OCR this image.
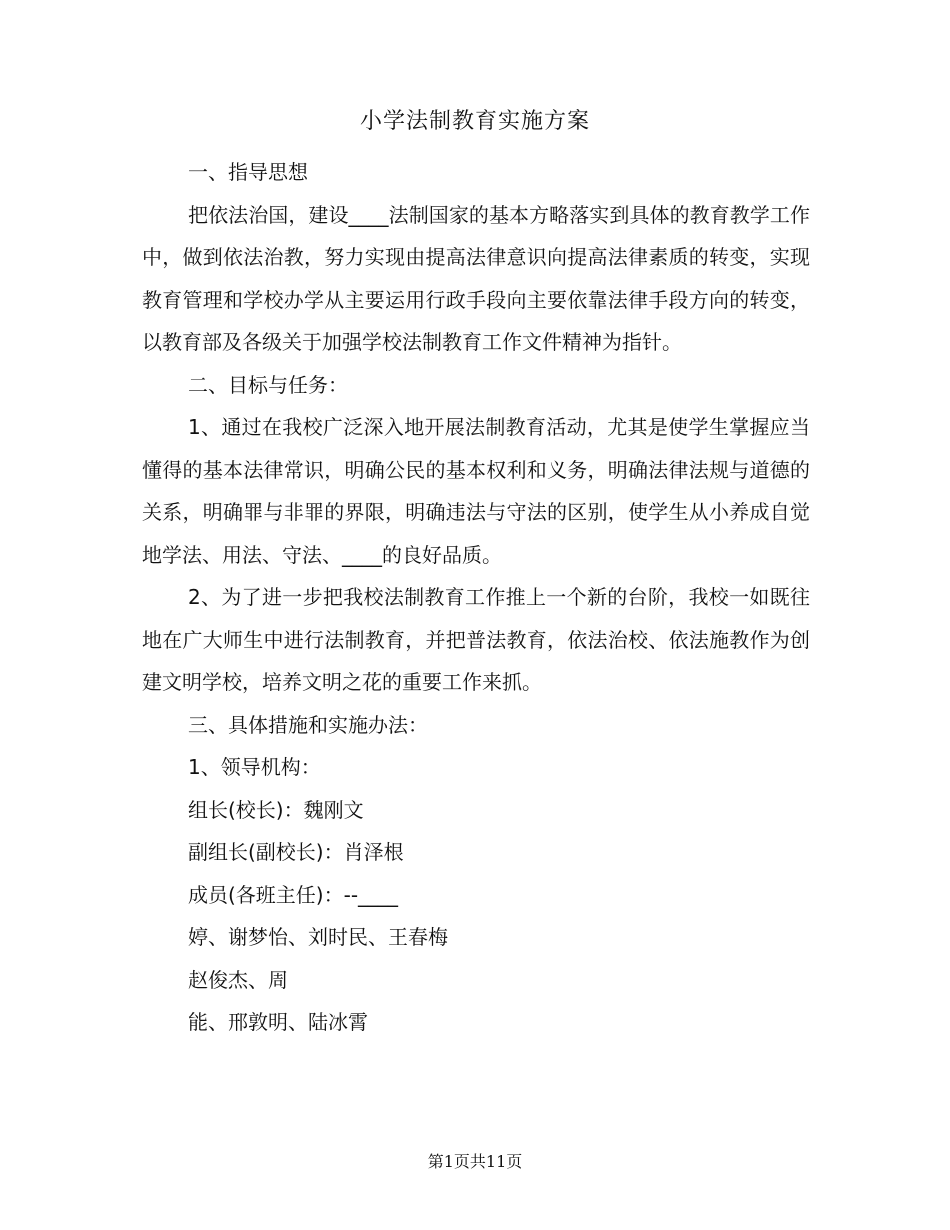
小学法制教育实施方案

一、指导思想

把依法治国，建设____法制国家的基本方略落实到具体的教育教学工作中，做到依法治教，努力实现由提高法律意识向提高法律素质的转变，实现教育管理和学校办学从主要运用行政手段向主要依靠法律手段方向的转变，以教育部及各级关于加强学校法制教育工作文件精神为指针。

二、目标与任务：

1、通过在我校广泛深入地开展法制教育活动，尤其是使学生掌握应当懂得的基本法律常识，明确公民的基本权利和义务，明确法律法规与道德的关系，明确罪与非罪的界限，明确违法与守法的区别，使学生从小养成自觉地学法、用法、守法、____的良好品质。

2、为了进一步把我校法制教育工作推上一个新的台阶，我校一如既往地在广大师生中进行法制教育，并把普法教育，依法治校、依法施教作为创建文明学校，培养文明之花的重要工作来抓。

三、具体措施和实施办法：

1、领导机构：

组长(校长)：魏刚文

副组长(副校长)：肖泽根

成员(各班主任)：--____

婷、谢梦怡、刘时民、王春梅

赵俊杰、周

能、邢敦明、陆冰霄

第1页共11页
